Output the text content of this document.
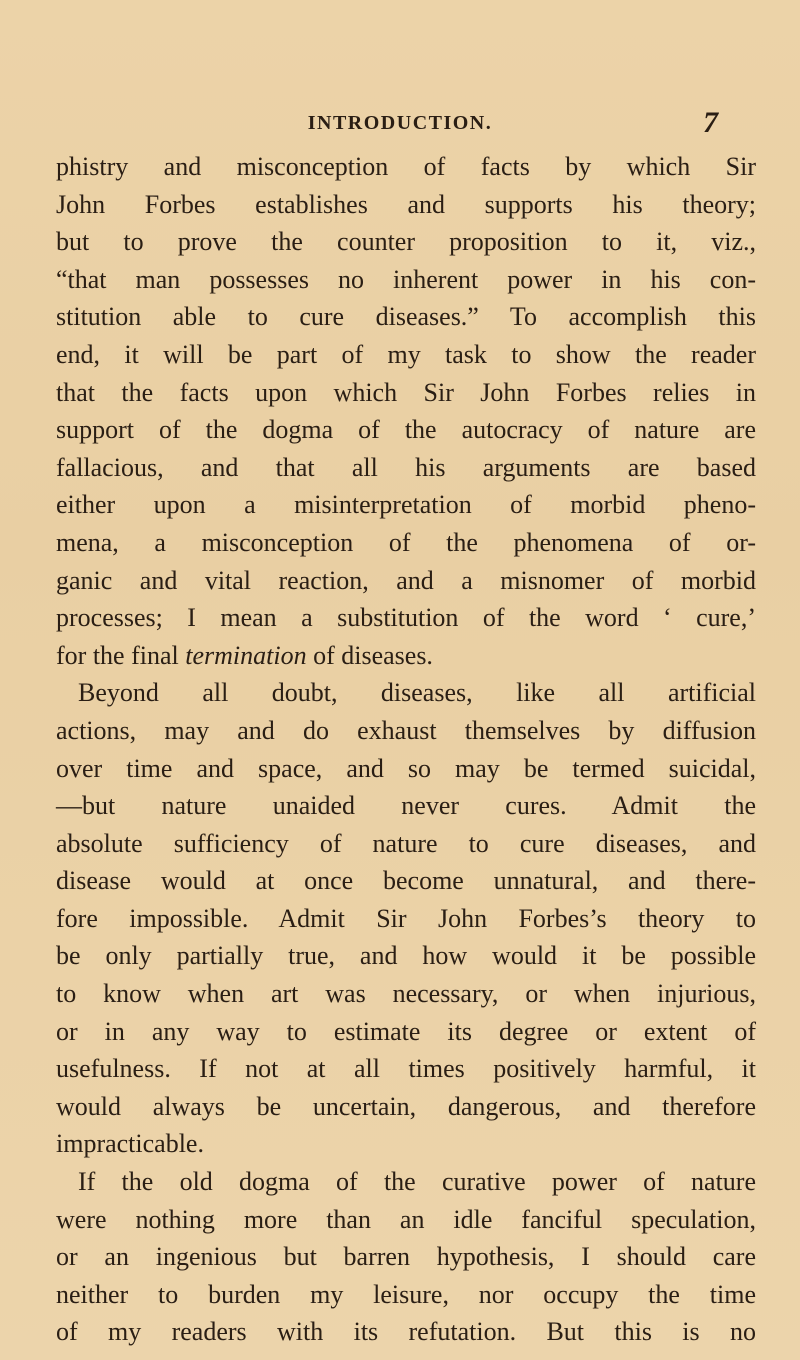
INTRODUCTION.	7
phistry and misconception of facts by which Sir
John Forbes establishes and supports his theory;
but to prove the counter proposition to it, viz.,
“that man possesses no inherent power in his con-
stitution able to cure diseases.” To accomplish this
end, it will be part of my task to show the reader
that the facts upon which Sir John Forbes relies in
support of the dogma of the autocracy of nature are
fallacious, and that all his arguments are based
either upon a misinterpretation of morbid pheno-
mena, a misconception of the phenomena of or-
ganic and vital reaction, and a misnomer of morbid
processes; I mean a substitution of the word ‘ cure,’
for the final termination of diseases.
Beyond all doubt, diseases, like all artificial
actions, may and do exhaust themselves by diffusion
over time and space, and so may be termed suicidal,
—but nature unaided never cures. Admit the
absolute sufficiency of nature to cure diseases, and
disease would at once become unnatural, and there-
fore impossible. Admit Sir John Forbes’s theory to
be only partially true, and how would it be possible
to know when art was necessary, or when injurious,
or in any way to estimate its degree or extent of
usefulness. If not at all times positively harmful, it
would always be uncertain, dangerous, and therefore
impracticable.
If the old dogma of the curative power of nature
were nothing more than an idle fanciful speculation,
or an ingenious but barren hypothesis, I should care
neither to burden my leisure, nor occupy the time
of my readers with its refutation. But this is no
